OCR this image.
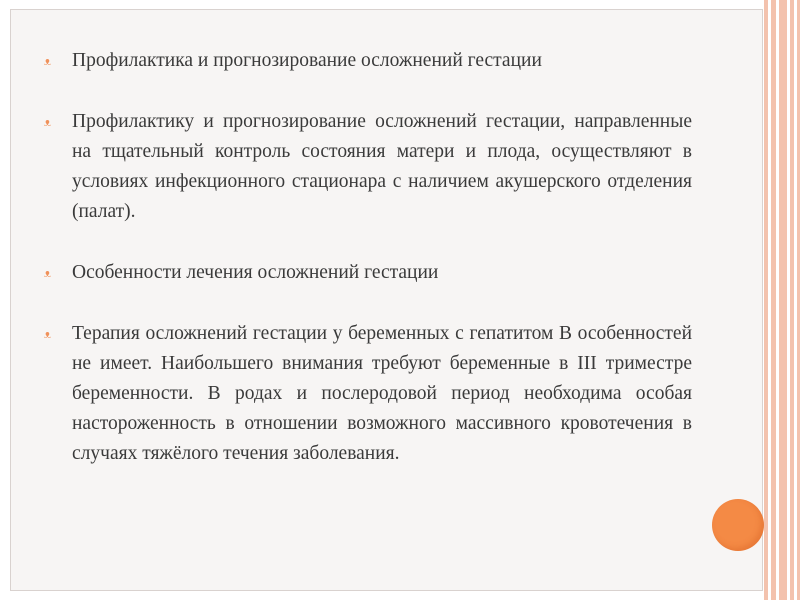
ᴥ Профилактика и прогнозирование осложнений гестации
ᴥ Профилактику и прогнозирование осложнений гестации, направленные на тщательный контроль состояния матери и плода, осуществляют в условиях инфекционного стационара с наличием акушерского отделения (палат).
ᴥ Особенности лечения осложнений гестации
ᴥ Терапия осложнений гестации у беременных с гепатитом В особенностей не имеет. Наибольшего внимания требуют беременные в III триместре беременности. В родах и послеродовой период необходима особая настороженность в отношении возможного массивного кровотечения в случаях тяжёлого течения заболевания.
